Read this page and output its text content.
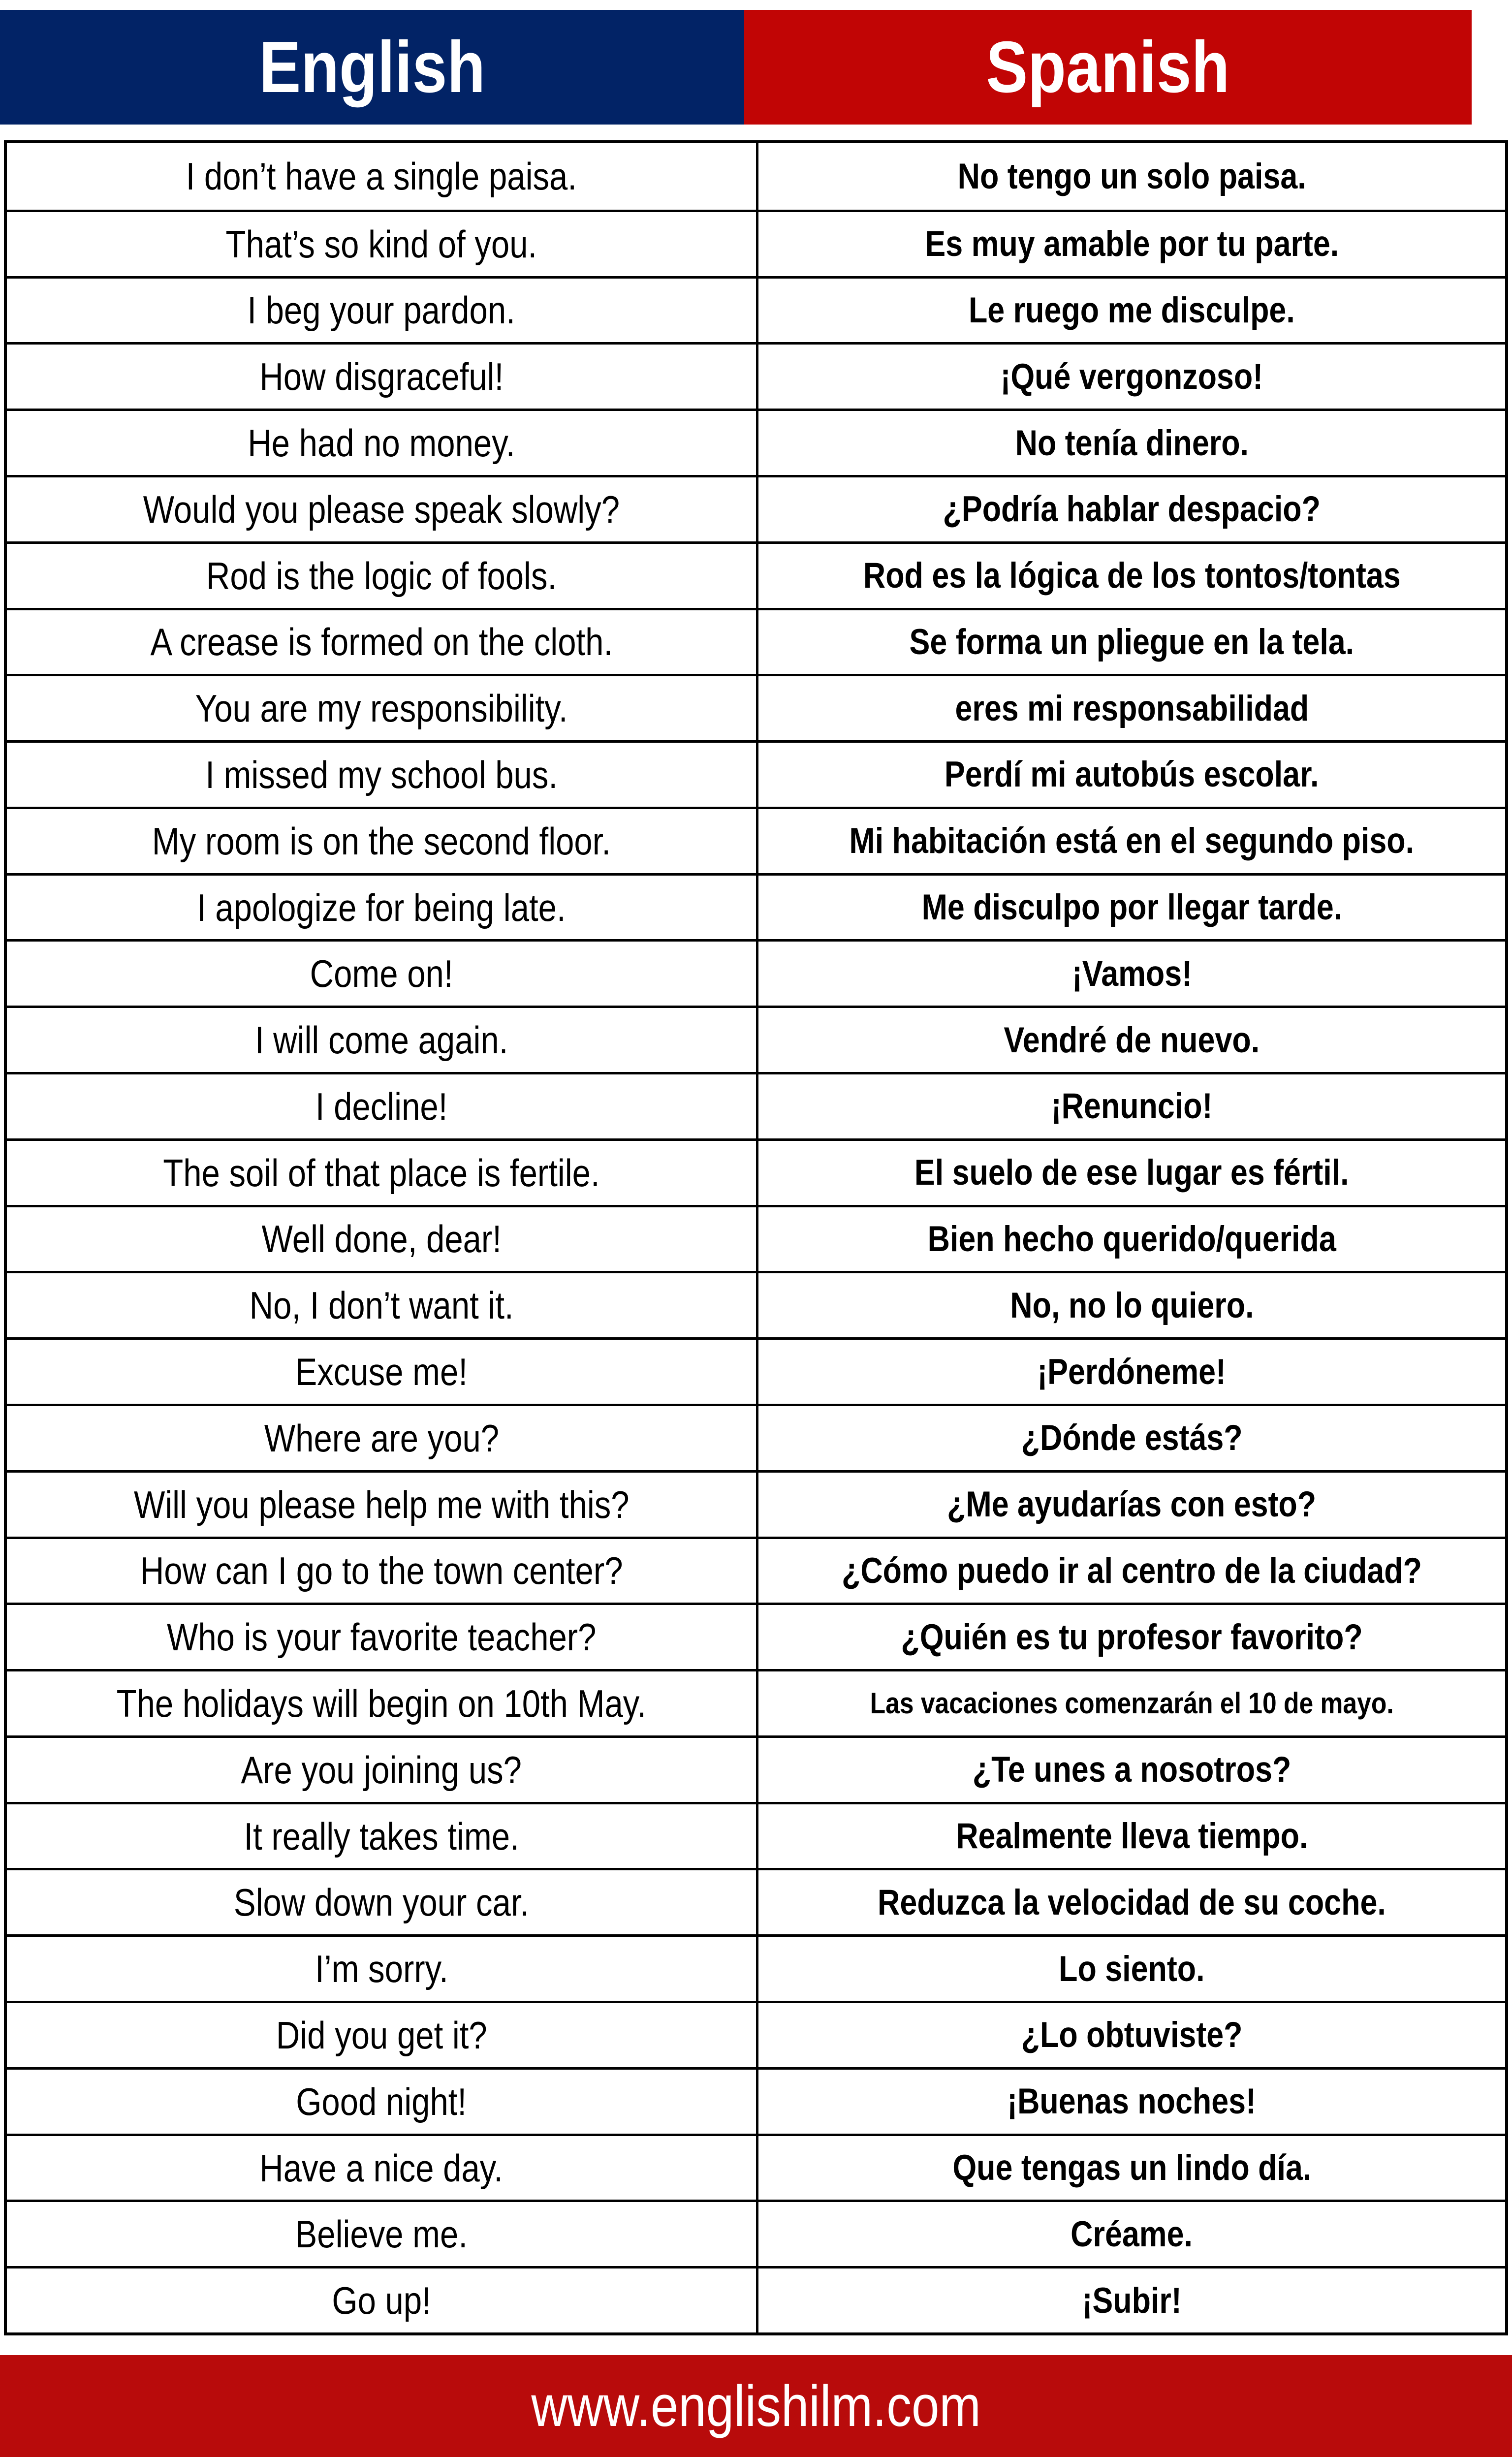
English	Spanish
I don’t have a single paisa.	No tengo un solo paisa.
That’s so kind of you.	Es muy amable por tu parte.
I beg your pardon.	Le ruego me disculpe.
How disgraceful!	¡Qué vergonzoso!
He had no money.	No tenía dinero.
Would you please speak slowly?	¿Podría hablar despacio?
Rod is the logic of fools.	Rod es la lógica de los tontos/tontas
A crease is formed on the cloth.	Se forma un pliegue en la tela.
You are my responsibility.	eres mi responsabilidad
I missed my school bus.	Perdí mi autobús escolar.
My room is on the second floor.	Mi habitación está en el segundo piso.
I apologize for being late.	Me disculpo por llegar tarde.
Come on!	¡Vamos!
I will come again.	Vendré de nuevo.
I decline!	¡Renuncio!
The soil of that place is fertile.	El suelo de ese lugar es fértil.
Well done, dear!	Bien hecho querido/querida
No, I don’t want it.	No, no lo quiero.
Excuse me!	¡Perdóneme!
Where are you?	¿Dónde estás?
Will you please help me with this?	¿Me ayudarías con esto?
How can I go to the town center?	¿Cómo puedo ir al centro de la ciudad?
Who is your favorite teacher?	¿Quién es tu profesor favorito?
The holidays will begin on 10th May.	Las vacaciones comenzarán el 10 de mayo.
Are you joining us?	¿Te unes a nosotros?
It really takes time.	Realmente lleva tiempo.
Slow down your car.	Reduzca la velocidad de su coche.
I’m sorry.	Lo siento.
Did you get it?	¿Lo obtuviste?
Good night!	¡Buenas noches!
Have a nice day.	Que tengas un lindo día.
Believe me.	Créame.
Go up!	¡Subir!
www.englishilm.com
